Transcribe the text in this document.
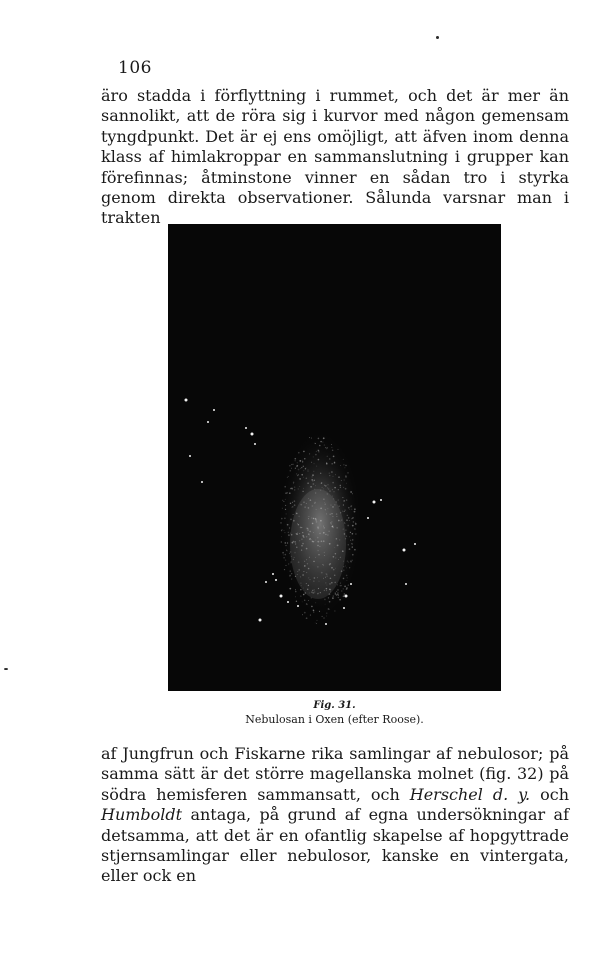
106

äro stadda i förflyttning i rummet, och det är mer än sannolikt, att de röra sig i kurvor med någon gemensam tyngdpunkt. Det är ej ens omöjligt, att äfven inom denna klass af himlakroppar en sammanslutning i grupper kan förefinnas; åtminstone vinner en sådan tro i styrka genom direkta observationer. Sålunda varsnar man i trakten

Fig. 31.
Nebulosan i Oxen (efter Roose).

af Jungfrun och Fiskarne rika samlingar af nebulosor; på samma sätt är det större magellanska molnet (fig. 32) på södra hemisferen sammansatt, och Herschel d. y. och Humboldt antaga, på grund af egna undersökningar af detsamma, att det är en ofantlig skapelse af hopgyttrade stjernsamlingar eller nebulosor, kanske en vintergata, eller ock en
